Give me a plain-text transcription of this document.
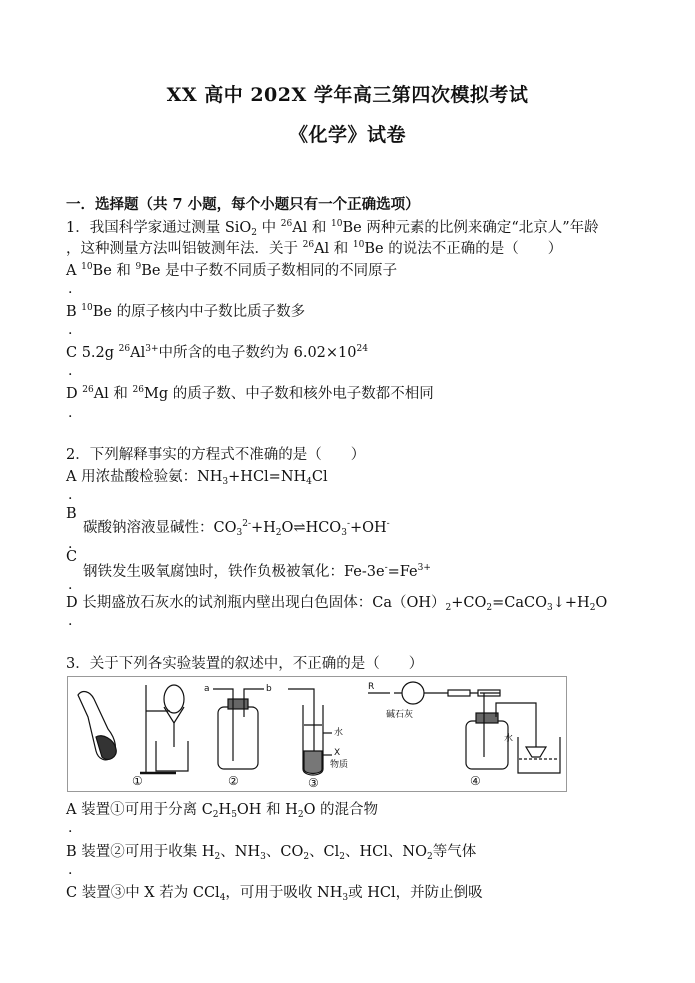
XX 高中 202X 学年高三第四次模拟考试
《化学》试卷
一．选择题（共 7 小题，每个小题只有一个正确选项）
1．我国科学家通过测量 SiO$_2$ 中 $^{26}$Al 和 $^{10}$Be 两种元素的比例来确定“北京人”年龄
，这种测量方法叫铝铍测年法．关于 $^{26}$Al 和 $^{10}$Be 的说法不正确的是（　　）
A $^{10}$Be 和 $^9$Be 是中子数不同质子数相同的不同原子
.
B $^{10}$Be 的原子核内中子数比质子数多
.
C 5.2g $^{26}Al^{3+}$中所含的电子数约为 $6.02\times 10^{24}$
.
D $^{26}$Al 和 $^{26}$Mg 的质子数、中子数和核外电子数都不相同
.
2．下列解释事实的方程式不准确的是（　　）
A 用浓盐酸检验氨：$NH_3+HCl=NH_4Cl$
.
B
碳酸钠溶液显碱性：$CO_3^{2-}+H_2O\rightleftharpoons HCO_3^-+OH^-$
.
C
钢铁发生吸氧腐蚀时，铁作负极被氧化：$Fe-3e^-=Fe^{3+}$
.
D 长期盛放石灰水的试剂瓶内壁出现白色固体：$Ca(OH)_2+CO_2=CaCO_3↓+H_2O$
.
3．关于下列各实验装置的叙述中，不正确的是（　　）
①	②	③	④
a	b
水
X
物质
R
碱石灰
水
A 装置①可用于分离 $C_2H_5OH$ 和 $H_2O$ 的混合物
.
B 装置②可用于收集 $H_2$、$NH_3$、$CO_2$、$Cl_2$、HCl、$NO_2$等气体
.
C 装置③中 X 若为 CCl$_4$，可用于吸收 $NH_3$或 HCl，并防止倒吸
